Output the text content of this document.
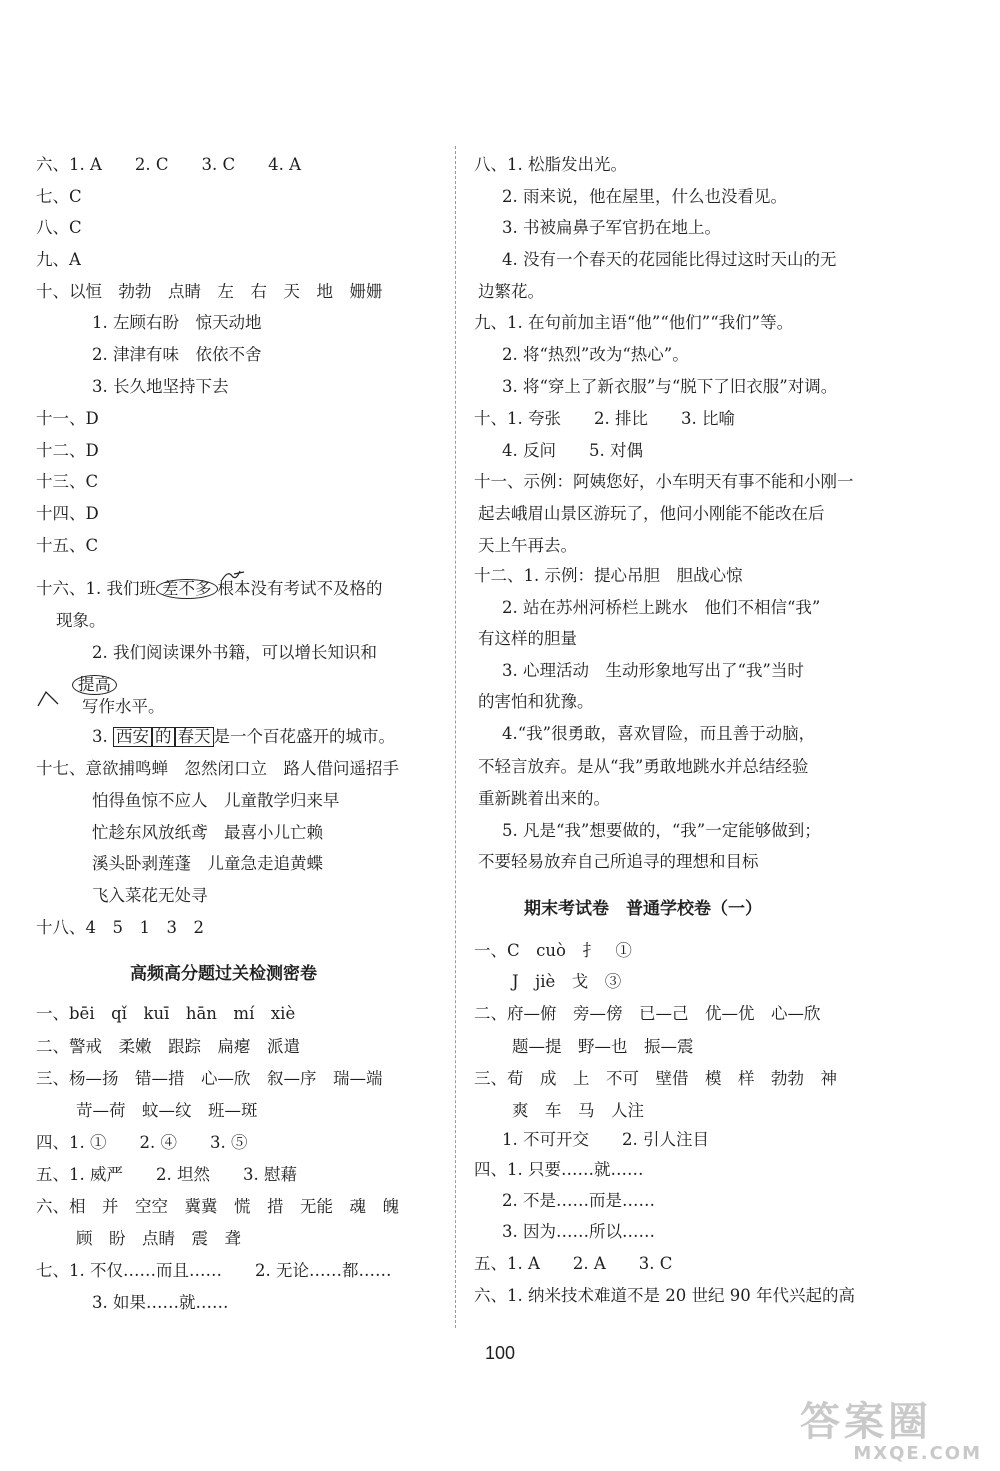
六、1. A　　2. C　　3. C　　4. A
七、C
八、C
九、A
十、以恒　勃勃　点睛　左　右　天　地　姗姗
1. 左顾右盼　惊天动地
2. 津津有味　依依不舍
3. 长久地坚持下去
十一、D
十二、D
十三、C
十四、D
十五、C
十六、1. 我们班 差不多 根本没有考试不及格的
现象。
2. 我们阅读课外书籍，可以增长知识和
提高
写作水平。
3. 西安 的 春天 是一个百花盛开的城市。
十七、意欲捕鸣蝉　忽然闭口立　路人借问遥招手
怕得鱼惊不应人　儿童散学归来早
忙趁东风放纸鸢　最喜小儿亡赖
溪头卧剥莲蓬　儿童急走追黄蝶
飞入菜花无处寻
十八、4　5　1　3　2
高频高分题过关检测密卷
一、bēi　qǐ　kuī　hān　mí　xiè
二、警戒　柔嫩　跟踪　扁瘪　派遣
三、杨—扬　错—措　心—欣　叙—序　瑞—端
苛—荷　蚊—纹　班—斑
四、1. ①　　2. ④　　3. ⑤
五、1. 威严　　2. 坦然　　3. 慰藉
六、相　并　空空　冀冀　慌　措　无能　魂　魄
顾　盼　点睛　震　聋
七、1. 不仅……而且……　　2. 无论……都……
3. 如果……就……
八、1. 松脂发出光。
2. 雨来说，他在屋里，什么也没看见。
3. 书被扁鼻子军官扔在地上。
4. 没有一个春天的花园能比得过这时天山的无
边繁花。
九、1. 在句前加主语“他”“他们”“我们”等。
2. 将“热烈”改为“热心”。
3. 将“穿上了新衣服”与“脱下了旧衣服”对调。
十、1. 夸张　　2. 排比　　3. 比喻
4. 反问　　5. 对偶
十一、示例：阿姨您好，小车明天有事不能和小刚一
起去峨眉山景区游玩了，他问小刚能不能改在后
天上午再去。
十二、1. 示例：提心吊胆　胆战心惊
2. 站在苏州河桥栏上跳水　他们不相信“我”
有这样的胆量
3. 心理活动　生动形象地写出了“我”当时
的害怕和犹豫。
4.“我”很勇敢，喜欢冒险，而且善于动脑，
不轻言放弃。是从“我”勇敢地跳水并总结经验
重新跳着出来的。
5. 凡是“我”想要做的，“我”一定能够做到；
不要轻易放弃自己所追寻的理想和目标
期末考试卷　普通学校卷（一）
一、C　cuò　扌　①
J　jiè　戈　③
二、府—俯　旁—傍　已—己　优—优　心—欣
题—提　野—也　振—震
三、荀　成　上　不可　壁借　模　样　勃勃　神
爽　车　马　人注
1. 不可开交　　2. 引人注目
四、1. 只要……就……
2. 不是……而是……
3. 因为……所以……
五、1. A　　2. A　　3. C
六、1. 纳米技术难道不是 20 世纪 90 年代兴起的高
100
答案圈
MXQE.COM
